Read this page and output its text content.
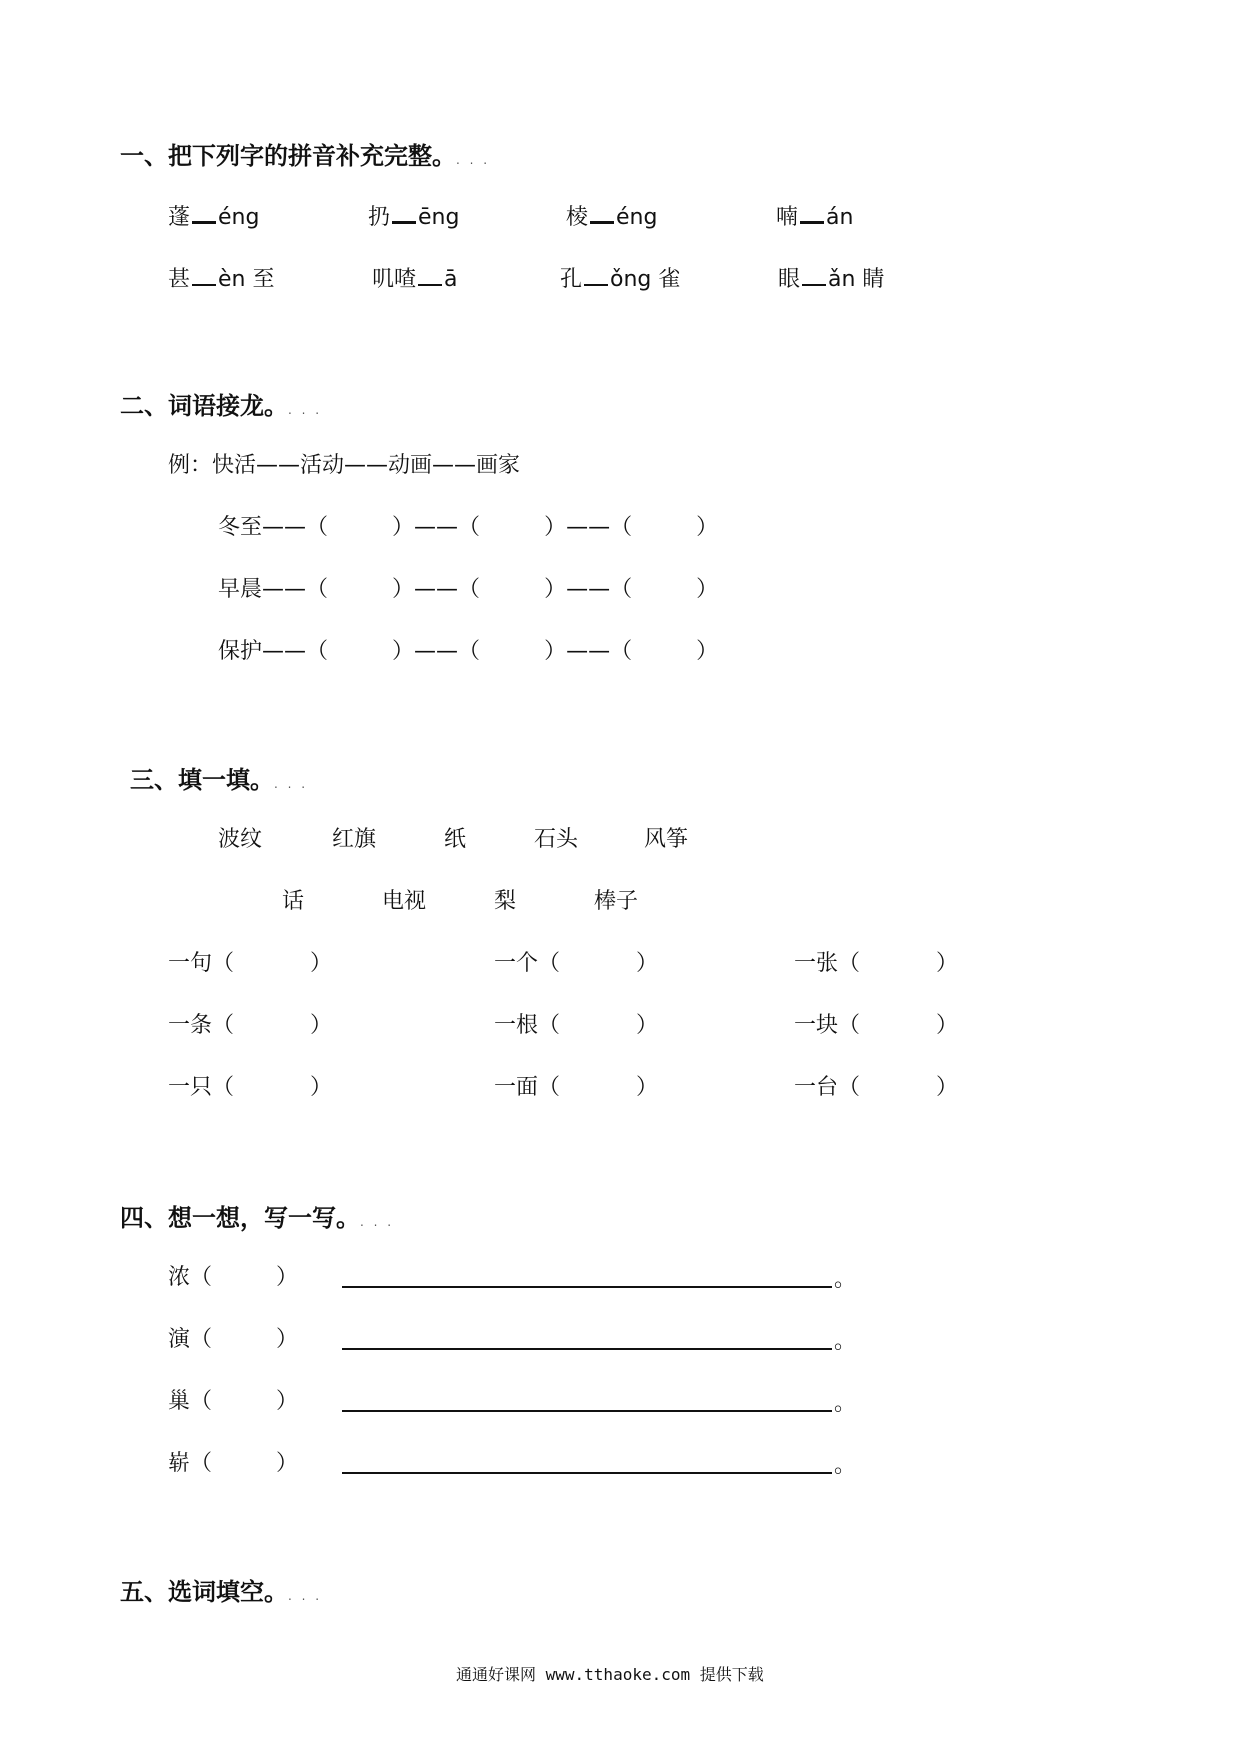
一、把下列字的拼音补充完整。. . .
蓬 éng	扔 ēng	棱 éng	喃 án
甚 èn 至	叽喳 ā	孔 ǒng 雀	眼 ǎn 睛
二、词语接龙。. . .
例：快活——活动——动画——画家
冬至——（	）——（	）——（	）
早晨——（	）——（	）——（	）
保护——（	）——（	）——（	）
三、填一填。. . .
波纹	红旗	纸	石头	风筝
话	电视	梨	棒子
一句（	）	一个（	）	一张（	）
一条（	）	一根（	）	一块（	）
一只（	）	一面（	）	一台（	）
四、想一想，写一写。. . .
浓（	）	。
演（	）	。
巢（	）	。
崭（	）	。
五、选词填空。. . .
通通好课网 www.tthaoke.com 提供下载
